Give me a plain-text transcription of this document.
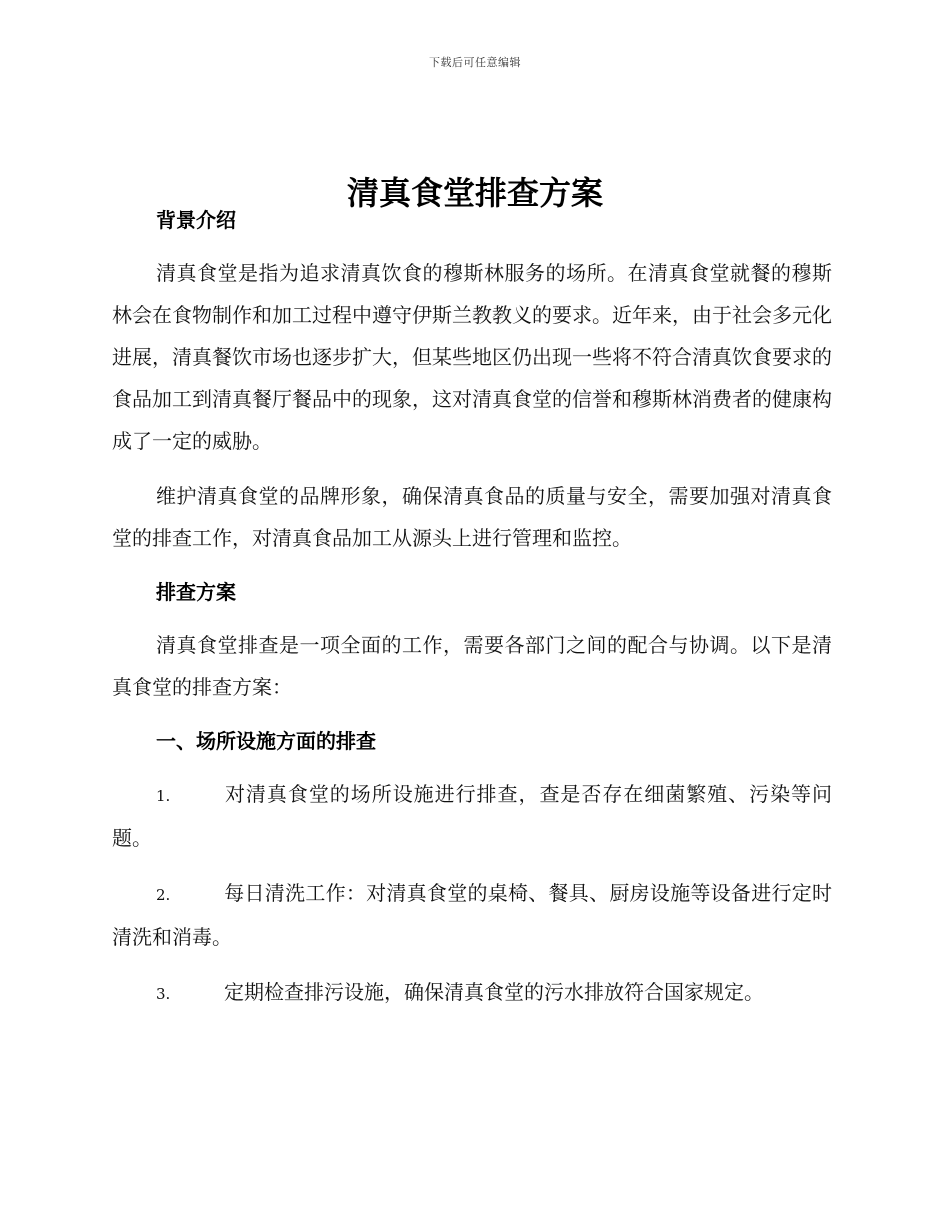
下载后可任意编辑
清真食堂排查方案
背景介绍

清真食堂是指为追求清真饮食的穆斯林服务的场所。在清真食堂就餐的穆斯林会在食物制作和加工过程中遵守伊斯兰教教义的要求。近年来，由于社会多元化进展，清真餐饮市场也逐步扩大，但某些地区仍出现一些将不符合清真饮食要求的食品加工到清真餐厅餐品中的现象，这对清真食堂的信誉和穆斯林消费者的健康构成了一定的威胁。

维护清真食堂的品牌形象，确保清真食品的质量与安全，需要加强对清真食堂的排查工作，对清真食品加工从源头上进行管理和监控。

排查方案

清真食堂排查是一项全面的工作，需要各部门之间的配合与协调。以下是清真食堂的排查方案：

一、场所设施方面的排查

1.	对清真食堂的场所设施进行排查，查是否存在细菌繁殖、污染等问题。

2.	每日清洗工作：对清真食堂的桌椅、餐具、厨房设施等设备进行定时清洗和消毒。

3.	定期检查排污设施，确保清真食堂的污水排放符合国家规定。
